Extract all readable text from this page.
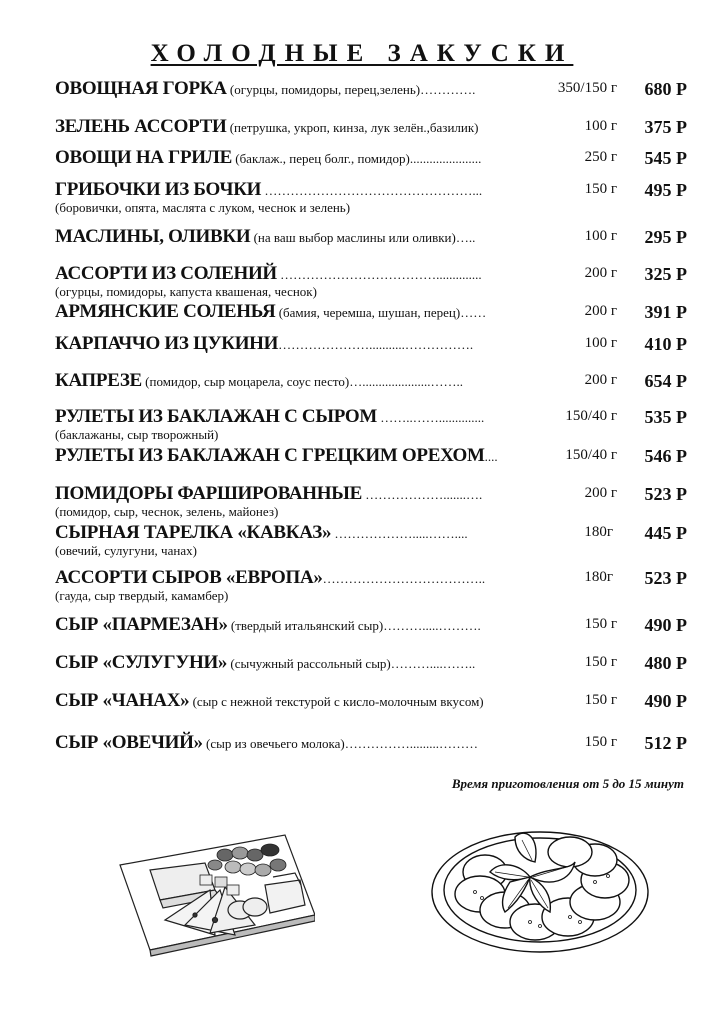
ХОЛОДНЫЕ ЗАКУСКИ
ОВОЩНАЯ ГОРКА (огурцы, помидоры, перец,зелень)………….	350/150 г 680 Р
ЗЕЛЕНЬ АССОРТИ (петрушка, укроп, кинза, лук зелён.,базилик)	100 г 375 Р
ОВОЩИ НА ГРИЛЕ (баклаж., перец болг., помидор)......................	250 г 545 Р
ГРИБОЧКИ ИЗ БОЧКИ …………………………………………...	150 г 495 Р
(боровички, опята, маслята с луком, чеснок и зелень)
МАСЛИНЫ, ОЛИВКИ (на ваш выбор маслины или оливки)…..	100 г 295 Р
АССОРТИ ИЗ СОЛЕНИЙ ………………………………..............	200 г 325 Р
(огурцы, помидоры, капуста квашеная, чеснок)
АРМЯНСКИЕ СОЛЕНЬЯ (бамия, черемша, шушан, перец)……	200 г 391 Р
КАРПАЧЧО ИЗ ЦУКИНИ…………………...........…………….	100 г 410 Р
КАПРЕЗЕ (помидор, сыр моцарела, соус песто)….....................……..	200 г 654 Р
РУЛЕТЫ ИЗ БАКЛАЖАН С СЫРОМ ……..……..............	150/40 г 535 Р
(баклажаны, сыр творожный)
РУЛЕТЫ ИЗ БАКЛАЖАН С ГРЕЦКИМ ОРЕХОМ....	150/40 г 546 Р
ПОМИДОРЫ ФАРШИРОВАННЫЕ ……………….......….	200 г 523 Р
(помидор, сыр, чеснок, зелень, майонез)
СЫРНАЯ ТАРЕЛКА «КАВКАЗ» ……………….....……....	180г 445 Р
(овечий, сулугуни, чанах)
АССОРТИ СЫРОВ «ЕВРОПА»………………………………..	180г 523 Р
(гауда, сыр твердый, камамбер)
СЫР «ПАРМЕЗАН» (твердый итальянский сыр)……….....……….	150 г 490 Р
СЫР «СУЛУГУНИ» (сычужный рассольный сыр)………....……..	150 г 480 Р
СЫР «ЧАНАХ» (сыр с нежной текстурой с кисло-молочным вкусом)	150 г 490 Р
СЫР «ОВЕЧИЙ» (сыр из овечьего молока)…………….........………	150 г 512 Р
Время приготовления от 5 до 15 минут
